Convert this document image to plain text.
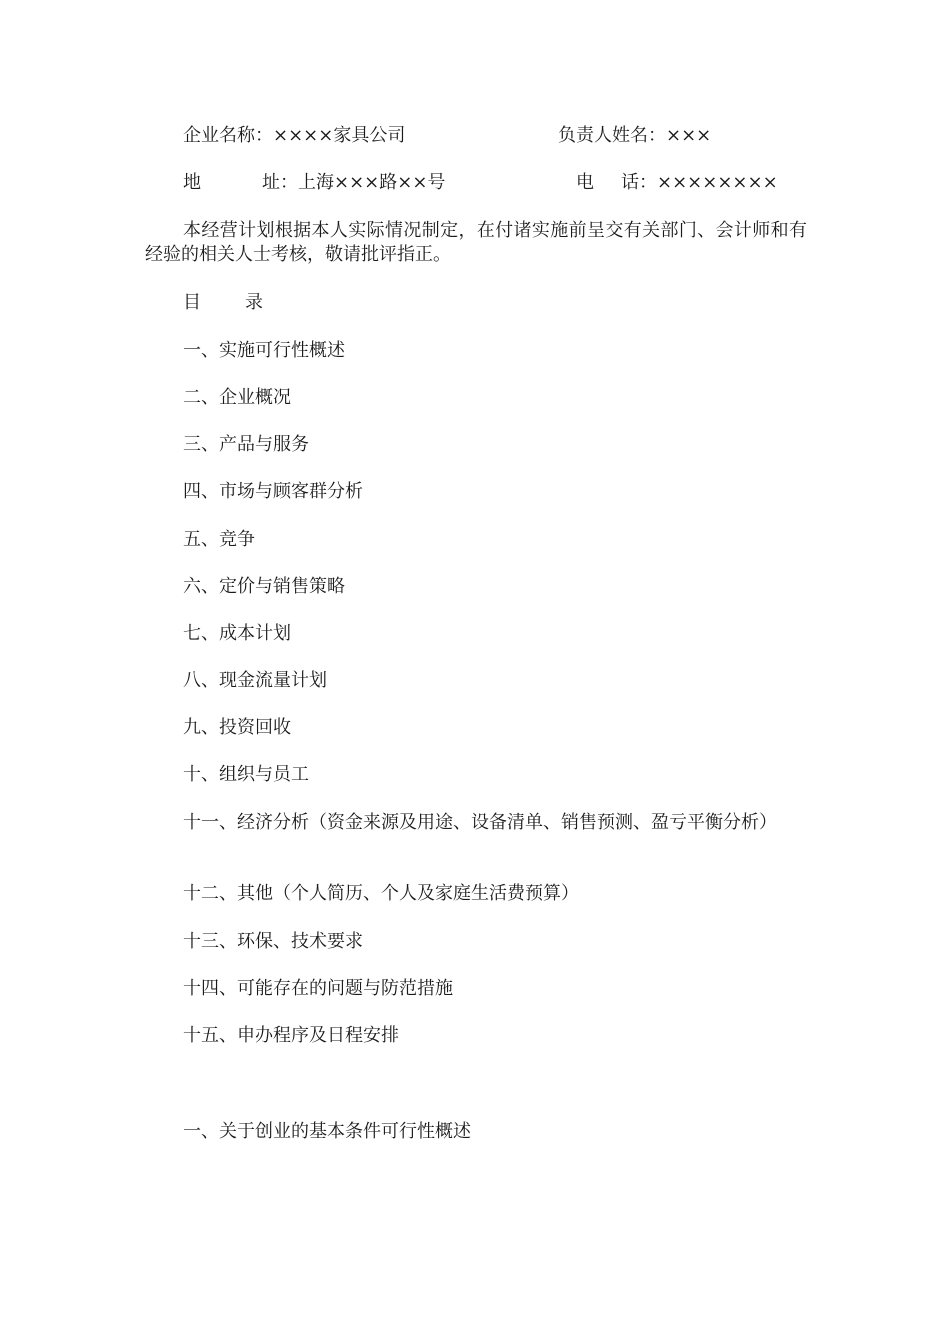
企业名称：××××家具公司	负责人姓名：×××
地	址：上海×××路××号	电 话：××××××××
本经营计划根据本人实际情况制定，在付诸实施前呈交有关部门、会计师和有经验的相关人士考核，敬请批评指正。
目 录
一、实施可行性概述
二、企业概况
三、产品与服务
四、市场与顾客群分析
五、竞争
六、定价与销售策略
七、成本计划
八、现金流量计划
九、投资回收
十、组织与员工
十一、经济分析（资金来源及用途、设备清单、销售预测、盈亏平衡分析）
十二、其他（个人简历、个人及家庭生活费预算）
十三、环保、技术要求
十四、可能存在的问题与防范措施
十五、申办程序及日程安排
一、关于创业的基本条件可行性概述
